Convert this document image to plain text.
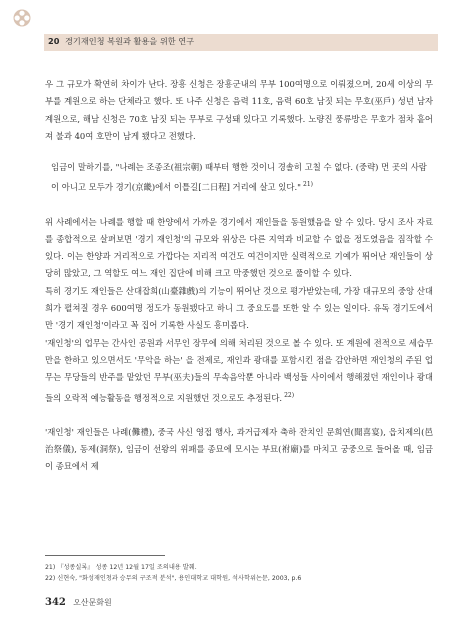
20 경기재인청 복원과 활용을 위한 연구

우 그 규모가 확연히 차이가 난다. 장흥 신청은 장흥군내의 무부 100여명으로 이뤄졌으며, 20세 이상의 무부를 계원으로 하는 단체라고 했다. 또 나주 신청은 음력 11호, 음력 60호 남짓 되는 무호(巫戶) 성년 남자 계원으로, 해남 신청은 70호 남짓 되는 무부로 구성돼 있다고 기록했다. 노량진 풍류방은 무호가 점차 흩어져 불과 40여 호만이 남게 됐다고 전했다.

임금이 말하기를, "나례는 조종조(祖宗朝) 때부터 행한 것이니 경솔히 고칠 수 없다. (중략) 먼 곳의 사람이 아니고 모두가 경기(京畿)에서 이틀길[二日程] 거리에 살고 있다." $^{21)}$

위 사례에서는 나례를 행할 때 한양에서 가까운 경기에서 재인들을 동원했음을 알 수 있다. 당시 조사 자료를 종합적으로 살펴보면 '경기 재인청'의 규모와 위상은 다른 지역과 비교할 수 없을 정도였음을 짐작할 수 있다. 이는 한양과 거리적으로 가깝다는 지리적 여건도 여건이지만 실력적으로 기예가 뛰어난 재인들이 상당히 많았고, 그 역할도 여느 재인 집단에 비해 크고 막중했던 것으로 풀이할 수 있다.

특히 경기도 재인들은 산대잡희(山臺雜戲)의 기능이 뛰어난 것으로 평가받았는데, 가장 대규모의 중앙 산대희가 펼쳐질 경우 600여명 정도가 동원됐다고 하니 그 중요도를 또한 알 수 있는 일이다. 유독 경기도에서만 '경기 재인청'이라고 꼭 집어 기록한 사실도 흥미롭다.

'재인청'의 업무는 간사인 공원과 서무인 장무에 의해 처리된 것으로 볼 수 있다. 또 계원에 전적으로 세습무만을 한하고 있으면서도 '무악을 하는' 을 전제로, 재인과 광대를 포함시킨 점을 감안하면 재인청의 주된 업무는 무당들의 반주를 맡았던 무부(巫夫)들의 무속음악뿐 아니라 백성들 사이에서 행해졌던 재인이나 광대들의 오락적 예능활동을 행정적으로 지원했던 것으로도 추정된다. $^{22)}$

'재인청' 재인들은 나례(儺禮), 중국 사신 영접 행사, 과거급제자 축하 잔치인 문희연(聞喜宴), 읍치제의(邑治祭儀), 동제(洞祭), 임금이 선왕의 위패를 종묘에 모시는 부묘(祔廟)를 마치고 궁중으로 들어올 때, 임금이 종묘에서 제

21) 『성종실록』 성종 12년 12월 17일 조의내용 발췌.
22) 신현숙, "화성재인청과 승무의 구조적 분석", 용인대학교 대학원, 석사학위논문, 2003, p.6
342 오산문화원
